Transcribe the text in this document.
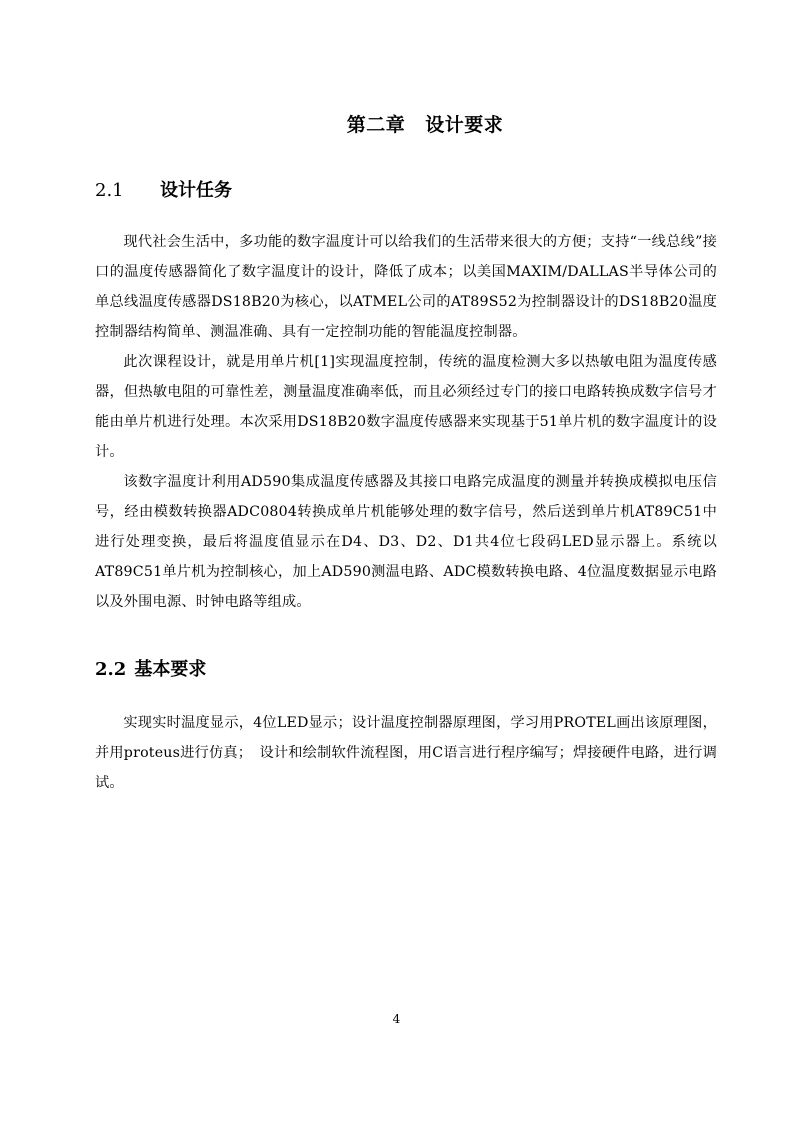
第二章 设计要求
2.1 设计任务

现代社会生活中，多功能的数字温度计可以给我们的生活带来很大的方便；支持“一线总线”接口的温度传感器简化了数字温度计的设计，降低了成本；以美国MAXIM/DALLAS半导体公司的单总线温度传感器DS18B20为核心，以ATMEL公司的AT89S52为控制器设计的DS18B20温度控制器结构简单、测温准确、具有一定控制功能的智能温度控制器。

此次课程设计，就是用单片机[1]实现温度控制，传统的温度检测大多以热敏电阻为温度传感器，但热敏电阻的可靠性差，测量温度准确率低，而且必须经过专门的接口电路转换成数字信号才能由单片机进行处理。本次采用DS18B20数字温度传感器来实现基于51单片机的数字温度计的设计。

该数字温度计利用AD590集成温度传感器及其接口电路完成温度的测量并转换成模拟电压信号，经由模数转换器ADC0804转换成单片机能够处理的数字信号，然后送到单片机AT89C51中进行处理变换，最后将温度值显示在D4、D3、D2、D1共4位七段码LED显示器上。系统以AT89C51单片机为控制核心，加上AD590测温电路、ADC模数转换电路、4位温度数据显示电路以及外围电源、时钟电路等组成。

2.2 基本要求

实现实时温度显示，4位LED显示；设计温度控制器原理图，学习用PROTEL画出该原理图，并用proteus进行仿真；　设计和绘制软件流程图，用C语言进行程序编写；焊接硬件电路，进行调试。

4
